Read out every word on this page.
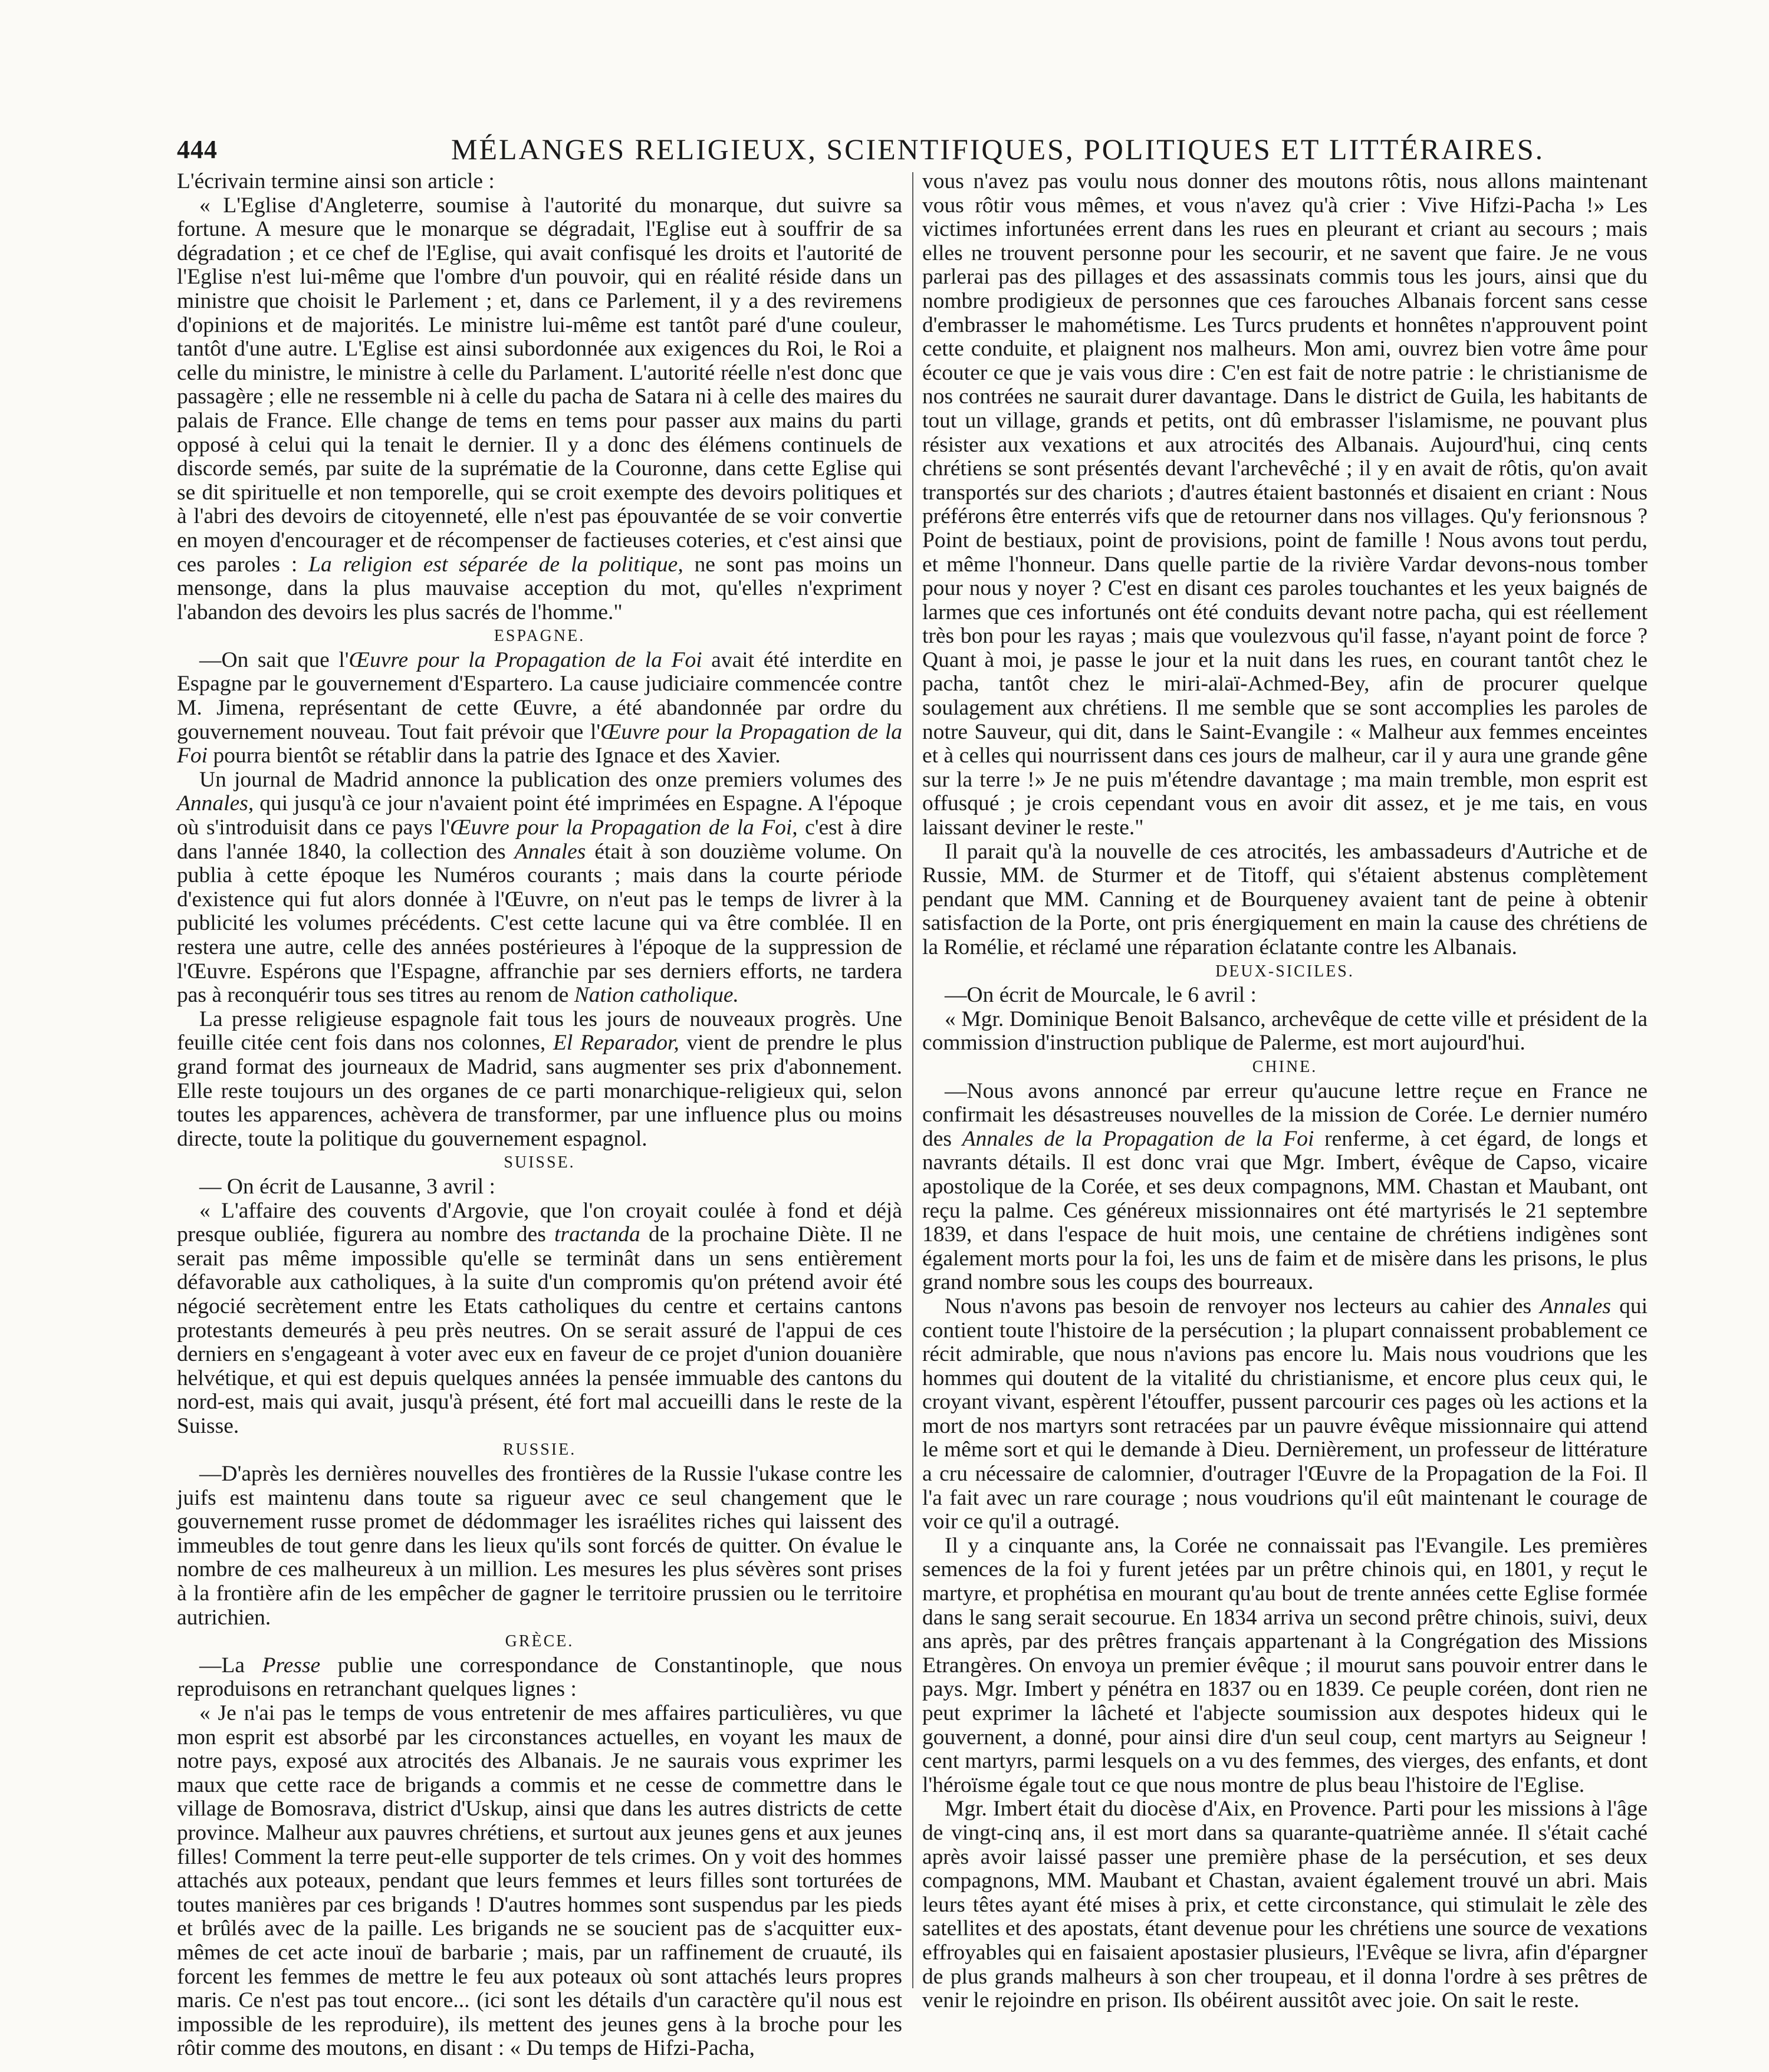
444	MÉLANGES RELIGIEUX, SCIENTIFIQUES, POLITIQUES ET LITTÉRAIRES.

L'écrivain termine ainsi son article :

« L'Eglise d'Angleterre, soumise à l'autorité du monarque, dut suivre sa fortune. A mesure que le monarque se dégradait, l'Eglise eut à souffrir de sa dégradation ; et ce chef de l'Eglise, qui avait confisqué les droits et l'autorité de l'Eglise n'est lui-même que l'ombre d'un pouvoir, qui en réalité réside dans un ministre que choisit le Parlement ; et, dans ce Parlement, il y a des reviremens d'opinions et de majorités. Le ministre lui-même est tantôt paré d'une couleur, tantôt d'une autre. L'Eglise est ainsi subordonnée aux exigences du Roi, le Roi a celle du ministre, le ministre à celle du Parlament. L'autorité réelle n'est donc que passagère ; elle ne ressemble ni à celle du pacha de Satara ni à celle des maires du palais de France. Elle change de tems en tems pour passer aux mains du parti opposé à celui qui la tenait le dernier. Il y a donc des élémens continuels de discorde semés, par suite de la suprématie de la Couronne, dans cette Eglise qui se dit spirituelle et non temporelle, qui se croit exempte des devoirs politiques et à l'abri des devoirs de citoyenneté, elle n'est pas épouvantée de se voir convertie en moyen d'encourager et de récompenser de factieuses coteries, et c'est ainsi que ces paroles : La religion est séparée de la politique, ne sont pas moins un mensonge, dans la plus mauvaise acception du mot, qu'elles n'expriment l'abandon des devoirs les plus sacrés de l'homme."

ESPAGNE.

—On sait que l'Œuvre pour la Propagation de la Foi avait été interdite en Espagne par le gouvernement d'Espartero. La cause judiciaire commencée contre M. Jimena, représentant de cette Œuvre, a été abandonnée par ordre du gouvernement nouveau. Tout fait prévoir que l'Œuvre pour la Propagation de la Foi pourra bientôt se rétablir dans la patrie des Ignace et des Xavier.

Un journal de Madrid annonce la publication des onze premiers volumes des Annales, qui jusqu'à ce jour n'avaient point été imprimées en Espagne. A l'époque où s'introduisit dans ce pays l'Œuvre pour la Propagation de la Foi, c'est à dire dans l'année 1840, la collection des Annales était à son douzième volume. On publia à cette époque les Numéros courants ; mais dans la courte période d'existence qui fut alors donnée à l'Œuvre, on n'eut pas le temps de livrer à la publicité les volumes précédents. C'est cette lacune qui va être comblée. Il en restera une autre, celle des années postérieures à l'époque de la suppression de l'Œuvre. Espérons que l'Espagne, affranchie par ses derniers efforts, ne tardera pas à reconquérir tous ses titres au renom de Nation catholique.

La presse religieuse espagnole fait tous les jours de nouveaux progrès. Une feuille citée cent fois dans nos colonnes, El Reparador, vient de prendre le plus grand format des journeaux de Madrid, sans augmenter ses prix d'abonnement. Elle reste toujours un des organes de ce parti monarchique-religieux qui, selon toutes les apparences, achèvera de transformer, par une influence plus ou moins directe, toute la politique du gouvernement espagnol.

SUISSE.

— On écrit de Lausanne, 3 avril :

« L'affaire des couvents d'Argovie, que l'on croyait coulée à fond et déjà presque oubliée, figurera au nombre des tractanda de la prochaine Diète. Il ne serait pas même impossible qu'elle se terminât dans un sens entièrement défavorable aux catholiques, à la suite d'un compromis qu'on prétend avoir été négocié secrètement entre les Etats catholiques du centre et certains cantons protestants demeurés à peu près neutres. On se serait assuré de l'appui de ces derniers en s'engageant à voter avec eux en faveur de ce projet d'union douanière helvétique, et qui est depuis quelques années la pensée immuable des cantons du nord-est, mais qui avait, jusqu'à présent, été fort mal accueilli dans le reste de la Suisse.

RUSSIE.

—D'après les dernières nouvelles des frontières de la Russie l'ukase contre les juifs est maintenu dans toute sa rigueur avec ce seul changement que le gouvernement russe promet de dédommager les israélites riches qui laissent des immeubles de tout genre dans les lieux qu'ils sont forcés de quitter. On évalue le nombre de ces malheureux à un million. Les mesures les plus sévères sont prises à la frontière afin de les empêcher de gagner le territoire prussien ou le territoire autrichien.

GRÈCE.

—La Presse publie une correspondance de Constantinople, que nous reproduisons en retranchant quelques lignes :

« Je n'ai pas le temps de vous entretenir de mes affaires particulières, vu que mon esprit est absorbé par les circonstances actuelles, en voyant les maux de notre pays, exposé aux atrocités des Albanais. Je ne saurais vous exprimer les maux que cette race de brigands a commis et ne cesse de commettre dans le village de Bomosrava, district d'Uskup, ainsi que dans les autres districts de cette province. Malheur aux pauvres chrétiens, et surtout aux jeunes gens et aux jeunes filles! Comment la terre peut-elle supporter de tels crimes. On y voit des hommes attachés aux poteaux, pendant que leurs femmes et leurs filles sont torturées de toutes manières par ces brigands ! D'autres hommes sont suspendus par les pieds et brûlés avec de la paille. Les brigands ne se soucient pas de s'acquitter eux-mêmes de cet acte inouï de barbarie ; mais, par un raffinement de cruauté, ils forcent les femmes de mettre le feu aux poteaux où sont attachés leurs propres maris. Ce n'est pas tout encore... (ici sont les détails d'un caractère qu'il nous est impossible de les reproduire), ils mettent des jeunes gens à la broche pour les rôtir comme des moutons, en disant : « Du temps de Hifzi-Pacha,

vous n'avez pas voulu nous donner des moutons rôtis, nous allons maintenant vous rôtir vous mêmes, et vous n'avez qu'à crier : Vive Hifzi-Pacha !» Les victimes infortunées errent dans les rues en pleurant et criant au secours ; mais elles ne trouvent personne pour les secourir, et ne savent que faire. Je ne vous parlerai pas des pillages et des assassinats commis tous les jours, ainsi que du nombre prodigieux de personnes que ces farouches Albanais forcent sans cesse d'embrasser le mahométisme. Les Turcs prudents et honnêtes n'approuvent point cette conduite, et plaignent nos malheurs. Mon ami, ouvrez bien votre âme pour écouter ce que je vais vous dire : C'en est fait de notre patrie : le christianisme de nos contrées ne saurait durer davantage. Dans le district de Guila, les habitants de tout un village, grands et petits, ont dû embrasser l'islamisme, ne pouvant plus résister aux vexations et aux atrocités des Albanais. Aujourd'hui, cinq cents chrétiens se sont présentés devant l'archevêché ; il y en avait de rôtis, qu'on avait transportés sur des chariots ; d'autres étaient bastonnés et disaient en criant : Nous préférons être enterrés vifs que de retourner dans nos villages. Qu'y ferionsnous ? Point de bestiaux, point de provisions, point de famille ! Nous avons tout perdu, et même l'honneur. Dans quelle partie de la rivière Vardar devons-nous tomber pour nous y noyer ? C'est en disant ces paroles touchantes et les yeux baignés de larmes que ces infortunés ont été conduits devant notre pacha, qui est réellement très bon pour les rayas ; mais que voulezvous qu'il fasse, n'ayant point de force ? Quant à moi, je passe le jour et la nuit dans les rues, en courant tantôt chez le pacha, tantôt chez le miri-alaï-Achmed-Bey, afin de procurer quelque soulagement aux chrétiens. Il me semble que se sont accomplies les paroles de notre Sauveur, qui dit, dans le Saint-Evangile : « Malheur aux femmes enceintes et à celles qui nourrissent dans ces jours de malheur, car il y aura une grande gêne sur la terre !» Je ne puis m'étendre davantage ; ma main tremble, mon esprit est offusqué ; je crois cependant vous en avoir dit assez, et je me tais, en vous laissant deviner le reste."

Il parait qu'à la nouvelle de ces atrocités, les ambassadeurs d'Autriche et de Russie, MM. de Sturmer et de Titoff, qui s'étaient abstenus complètement pendant que MM. Canning et de Bourqueney avaient tant de peine à obtenir satisfaction de la Porte, ont pris énergiquement en main la cause des chrétiens de la Romélie, et réclamé une réparation éclatante contre les Albanais.

DEUX-SICILES.

—On écrit de Mourcale, le 6 avril :

« Mgr. Dominique Benoit Balsanco, archevêque de cette ville et président de la commission d'instruction publique de Palerme, est mort aujourd'hui.

CHINE.

—Nous avons annoncé par erreur qu'aucune lettre reçue en France ne confirmait les désastreuses nouvelles de la mission de Corée. Le dernier numéro des Annales de la Propagation de la Foi renferme, à cet égard, de longs et navrants détails. Il est donc vrai que Mgr. Imbert, évêque de Capso, vicaire apostolique de la Corée, et ses deux compagnons, MM. Chastan et Maubant, ont reçu la palme. Ces généreux missionnaires ont été martyrisés le 21 septembre 1839, et dans l'espace de huit mois, une centaine de chrétiens indigènes sont également morts pour la foi, les uns de faim et de misère dans les prisons, le plus grand nombre sous les coups des bourreaux.

Nous n'avons pas besoin de renvoyer nos lecteurs au cahier des Annales qui contient toute l'histoire de la persécution ; la plupart connaissent probablement ce récit admirable, que nous n'avions pas encore lu. Mais nous voudrions que les hommes qui doutent de la vitalité du christianisme, et encore plus ceux qui, le croyant vivant, espèrent l'étouffer, pussent parcourir ces pages où les actions et la mort de nos martyrs sont retracées par un pauvre évêque missionnaire qui attend le même sort et qui le demande à Dieu. Dernièrement, un professeur de littérature a cru nécessaire de calomnier, d'outrager l'Œuvre de la Propagation de la Foi. Il l'a fait avec un rare courage ; nous voudrions qu'il eût maintenant le courage de voir ce qu'il a outragé.

Il y a cinquante ans, la Corée ne connaissait pas l'Evangile. Les premières semences de la foi y furent jetées par un prêtre chinois qui, en 1801, y reçut le martyre, et prophétisa en mourant qu'au bout de trente années cette Eglise formée dans le sang serait secourue. En 1834 arriva un second prêtre chinois, suivi, deux ans après, par des prêtres français appartenant à la Congrégation des Missions Etrangères. On envoya un premier évêque ; il mourut sans pouvoir entrer dans le pays. Mgr. Imbert y pénétra en 1837 ou en 1839. Ce peuple coréen, dont rien ne peut exprimer la lâcheté et l'abjecte soumission aux despotes hideux qui le gouvernent, a donné, pour ainsi dire d'un seul coup, cent martyrs au Seigneur ! cent martyrs, parmi lesquels on a vu des femmes, des vierges, des enfants, et dont l'héroïsme égale tout ce que nous montre de plus beau l'histoire de l'Eglise.

Mgr. Imbert était du diocèse d'Aix, en Provence. Parti pour les missions à l'âge de vingt-cinq ans, il est mort dans sa quarante-quatrième année. Il s'était caché après avoir laissé passer une première phase de la persécution, et ses deux compagnons, MM. Maubant et Chastan, avaient également trouvé un abri. Mais leurs têtes ayant été mises à prix, et cette circonstance, qui stimulait le zèle des satellites et des apostats, étant devenue pour les chrétiens une source de vexations effroyables qui en faisaient apostasier plusieurs, l'Evêque se livra, afin d'épargner de plus grands malheurs à son cher troupeau, et il donna l'ordre à ses prêtres de venir le rejoindre en prison. Ils obéirent aussitôt avec joie. On sait le reste.
